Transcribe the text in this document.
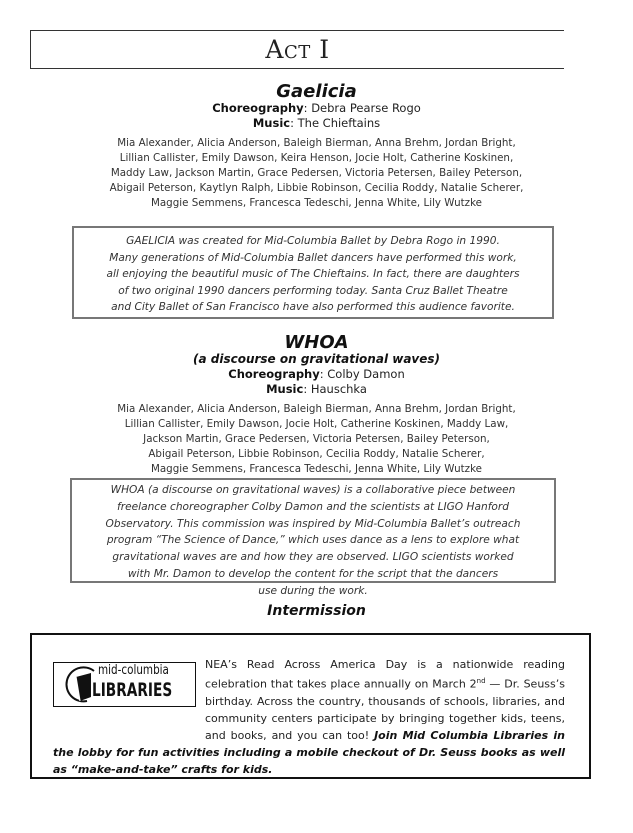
Act I
Gaelicia
Choreography: Debra Pearse Rogo
Music: The Chieftains
Mia Alexander, Alicia Anderson, Baleigh Bierman, Anna Brehm, Jordan Bright,
Lillian Callister, Emily Dawson, Keira Henson, Jocie Holt, Catherine Koskinen,
Maddy Law, Jackson Martin, Grace Pedersen, Victoria Petersen, Bailey Peterson,
Abigail Peterson, Kaytlyn Ralph, Libbie Robinson, Cecilia Roddy, Natalie Scherer,
Maggie Semmens, Francesca Tedeschi, Jenna White, Lily Wutzke
GAELICIA was created for Mid-Columbia Ballet by Debra Rogo in 1990.
Many generations of Mid-Columbia Ballet dancers have performed this work,
all enjoying the beautiful music of The Chieftains. In fact, there are daughters
of two original 1990 dancers performing today. Santa Cruz Ballet Theatre
and City Ballet of San Francisco have also performed this audience favorite.
WHOA
(a discourse on gravitational waves)
Choreography: Colby Damon
Music: Hauschka
Mia Alexander, Alicia Anderson, Baleigh Bierman, Anna Brehm, Jordan Bright,
Lillian Callister, Emily Dawson, Jocie Holt, Catherine Koskinen, Maddy Law,
Jackson Martin, Grace Pedersen, Victoria Petersen, Bailey Peterson,
Abigail Peterson, Libbie Robinson, Cecilia Roddy, Natalie Scherer,
Maggie Semmens, Francesca Tedeschi, Jenna White, Lily Wutzke
WHOA (a discourse on gravitational waves) is a collaborative piece between
freelance choreographer Colby Damon and the scientists at LIGO Hanford
Observatory. This commission was inspired by Mid-Columbia Ballet’s outreach
program “The Science of Dance,” which uses dance as a lens to explore what
gravitational waves are and how they are observed. LIGO scientists worked
with Mr. Damon to develop the content for the script that the dancers
use during the work.
Intermission
mid-columbia
LIBRARIES
NEA’s Read Across America Day is a nationwide reading celebration that takes place annually on March 2nd — Dr. Seuss’s birthday. Across the country, thousands of schools, libraries, and community centers participate by bringing together kids, teens, and books, and you can too! Join Mid Columbia Libraries in the lobby for fun activities including a mobile checkout of Dr. Seuss books as well as “make-and-take” crafts for kids.
